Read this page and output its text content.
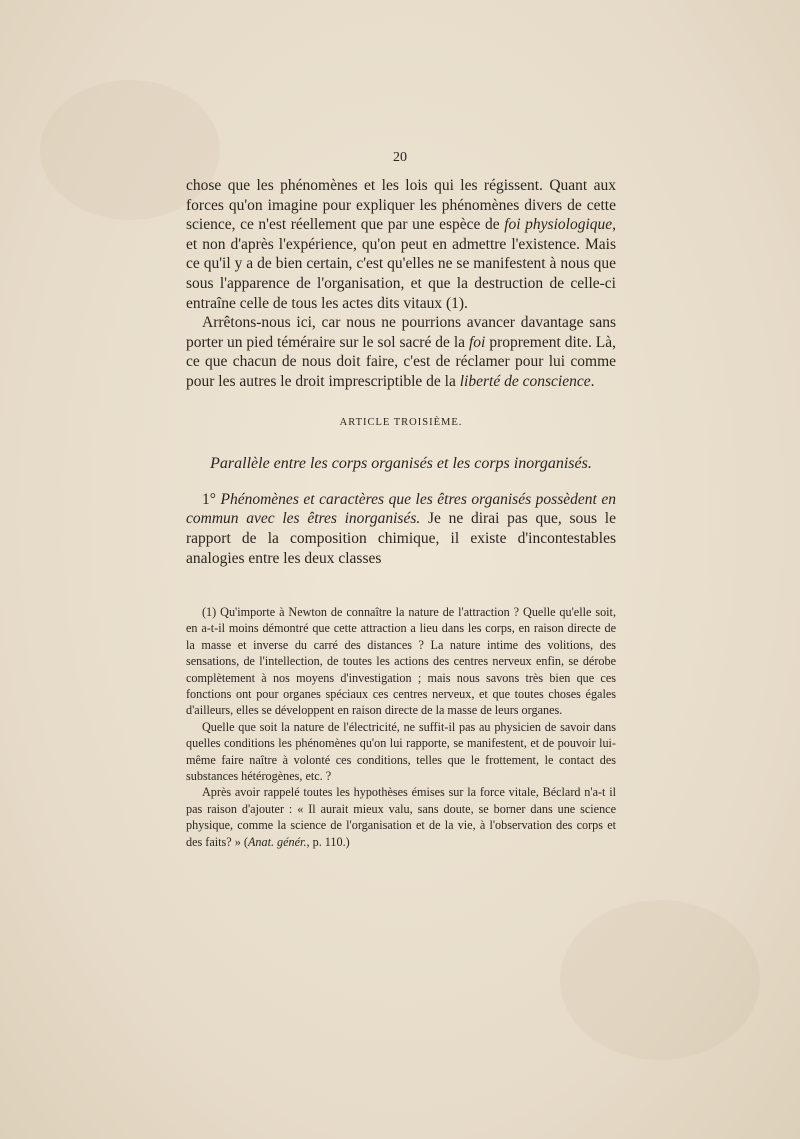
20

chose que les phénomènes et les lois qui les régissent. Quant aux forces qu'on imagine pour expliquer les phénomènes divers de cette science, ce n'est réellement que par une espèce de foi physiologique, et non d'après l'expérience, qu'on peut en admettre l'existence. Mais ce qu'il y a de bien certain, c'est qu'elles ne se manifestent à nous que sous l'apparence de l'organisation, et que la destruction de celle-ci entraîne celle de tous les actes dits vitaux (1).

Arrêtons-nous ici, car nous ne pourrions avancer davantage sans porter un pied téméraire sur le sol sacré de la foi proprement dite. Là, ce que chacun de nous doit faire, c'est de réclamer pour lui comme pour les autres le droit imprescriptible de la liberté de conscience.

ARTICLE TROISIÈME.
Parallèle entre les corps organisés et les corps inorganisés.

1° Phénomènes et caractères que les êtres organisés possèdent en commun avec les êtres inorganisés. Je ne dirai pas que, sous le rapport de la composition chimique, il existe d'incontestables analogies entre les deux classes

(1) Qu'importe à Newton de connaître la nature de l'attraction ? Quelle qu'elle soit, en a-t-il moins démontré que cette attraction a lieu dans les corps, en raison directe de la masse et inverse du carré des distances ? La nature intime des volitions, des sensations, de l'intellection, de toutes les actions des centres nerveux enfin, se dérobe complètement à nos moyens d'investigation ; mais nous savons très bien que ces fonctions ont pour organes spéciaux ces centres nerveux, et que toutes choses égales d'ailleurs, elles se développent en raison directe de la masse de leurs organes.

Quelle que soit la nature de l'électricité, ne suffit-il pas au physicien de savoir dans quelles conditions les phénomènes qu'on lui rapporte, se manifestent, et de pouvoir lui-même faire naître à volonté ces conditions, telles que le frottement, le contact des substances hétérogènes, etc. ?

Après avoir rappelé toutes les hypothèses émises sur la force vitale, Béclard n'a-t il pas raison d'ajouter : « Il aurait mieux valu, sans doute, se borner dans une science physique, comme la science de l'organisation et de la vie, à l'observation des corps et des faits? » (Anat. génér., p. 110.)
